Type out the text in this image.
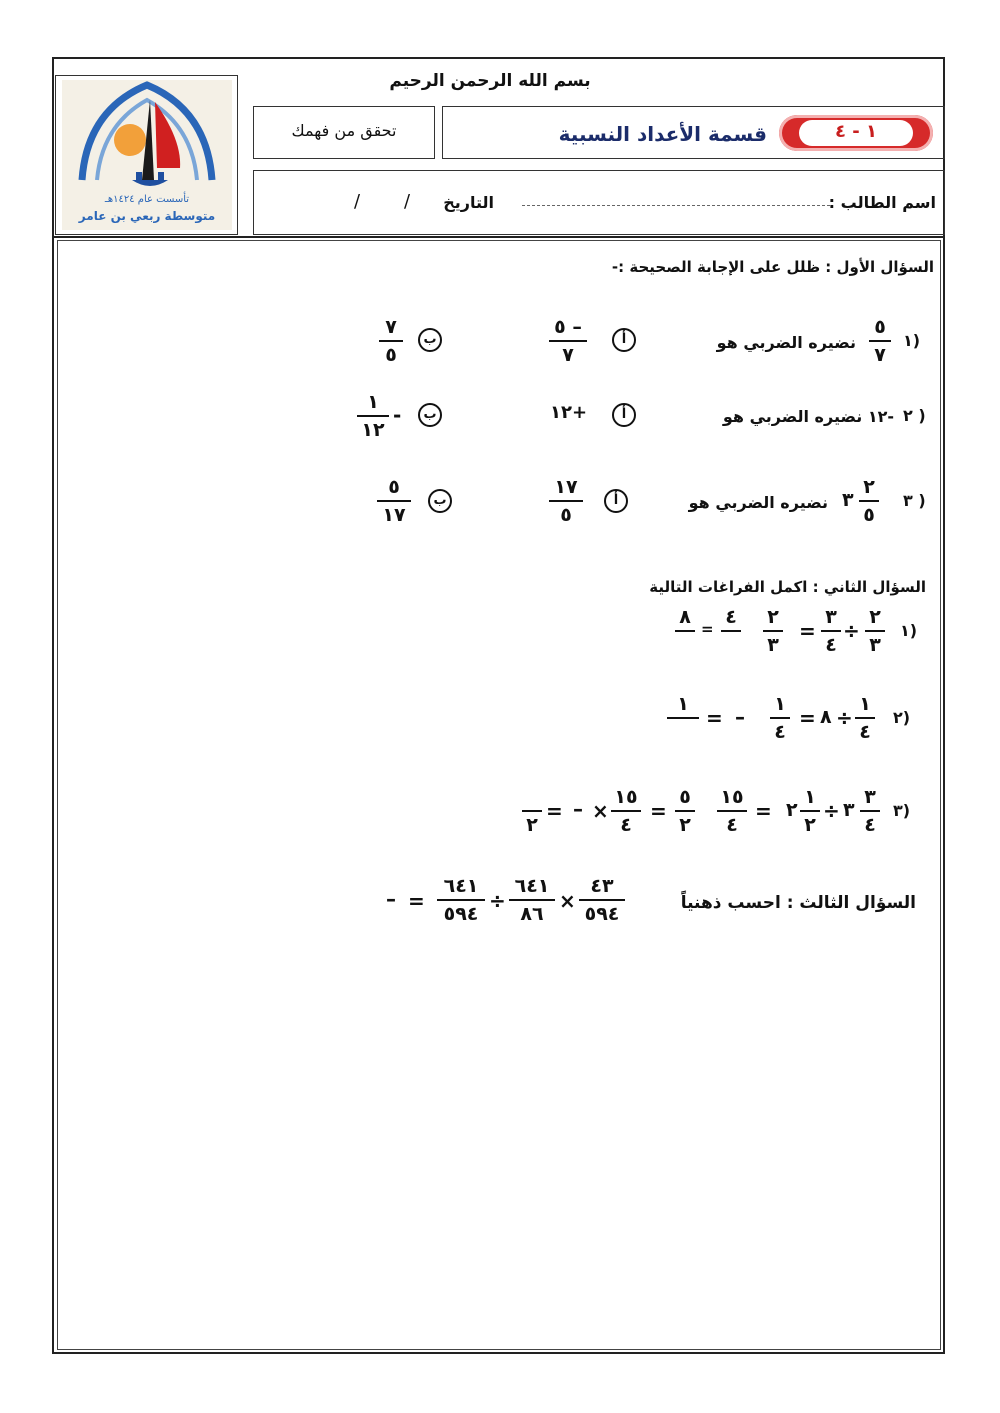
تأسست عام ١٤٢٤هـ
متوسطة ربعي بن عامر
بسم الله الرحمن الرحيم
تحقق من فهمك	١ - ٤
قسمة الأعداد النسبية
اسم الطالب :
التاريخ
/
/
السؤال الأول : ظلل على الإجابة الصحيحة :-
١)
٥
٧
نضيره الضربي هو
أ
٥ –
٧
ب
٧
٥
٢ )
-١٢ نضيره الضربي هو
أ
١٢+
ب
-
١
١٢
٣ )
٢
٥
٣
نضيره الضربي هو
أ
١٧
٥
ب
٥
١٧
السؤال الثاني : اكمل الفراغات التالية
١)
٢
٣
÷
٣
٤
=
٢
٣
٤

=
٨

٢)
١
٤
÷
٨
=
١
٤
–
=
١

٣)
٣
٤
٣
÷
١
٢
٢
=
١٥
٤
٥
٢
=
١٥
٤
×
–
=

٢
السؤال الثالث : احسب ذهنياً
٤٣
٥٩٤
×
٦٤١
٨٦
÷
٦٤١
٥٩٤
=
–
